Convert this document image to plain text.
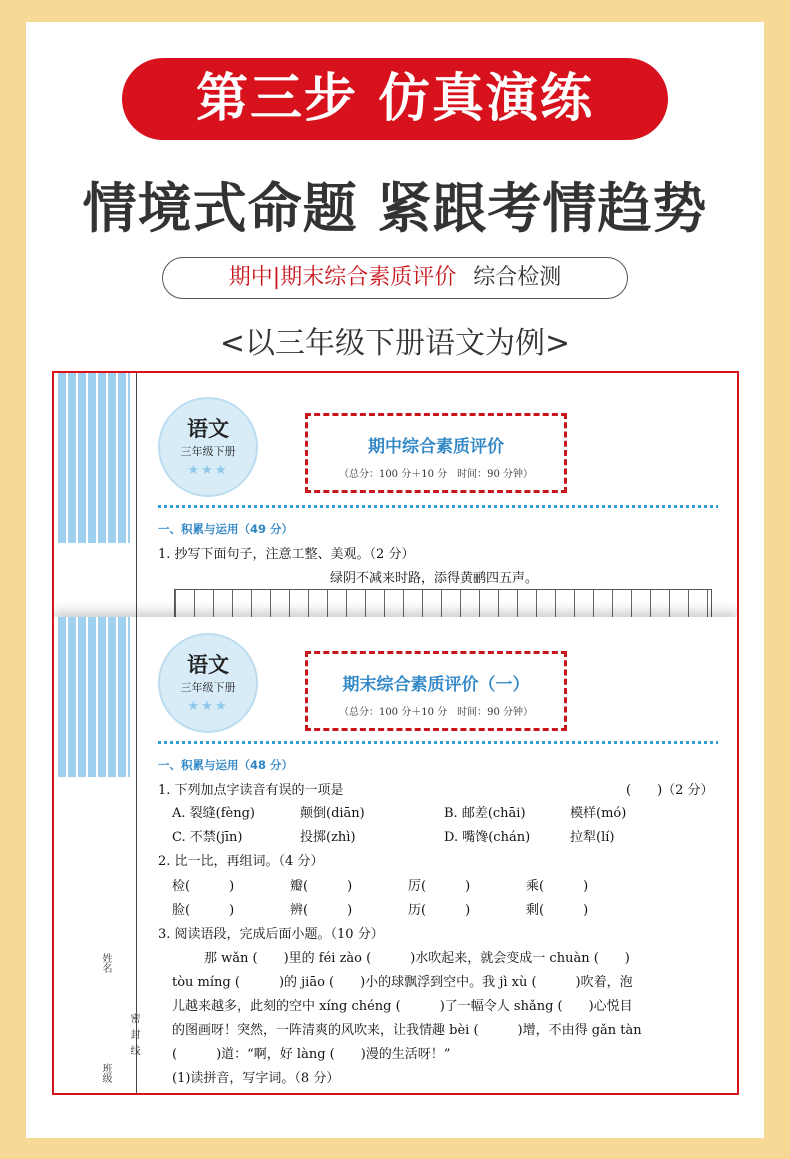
第三步 仿真演练
情境式命题 紧跟考情趋势
期中|期末综合素质评价 综合检测
<以三年级下册语文为例>
语文
三年级下册
★★★
期中综合素质评价
（总分：100 分＋10 分　时间：90 分钟）
一、积累与运用（49 分）
1. 抄写下面句子，注意工整、美观。（2 分）
绿阴不减来时路，添得黄鹂四五声。
姓名
密封线
班级
语文
三年级下册
★★★
期末综合素质评价（一）
（总分：100 分＋10 分　时间：90 分钟）
一、积累与运用（48 分）
1. 下列加点字读音有误的一项是	(　　)（2 分）
A. 裂缝(fèng)	颠倒(diān)	B. 邮差(chāi)	模样(mó)
C. 不禁(jīn)	投掷(zhì)	D. 嘴馋(chán)	拉犁(lí)
2. 比一比，再组词。（4 分）
检(　　　)	瓣(　　　)	厉(　　　)	乘(　　　)
脸(　　　)	辨(　　　)	历(　　　)	剩(　　　)
3. 阅读语段，完成后面小题。（10 分）
那 wǎn (　　)里的 féi zào (　　　)水吹起来，就会变成一 chuàn (　　)
tòu míng (　　　)的 jiāo (　　)小的球飘浮到空中。我 jì xù (　　　)吹着，泡
儿越来越多，此刻的空中 xíng chéng (　　　)了一幅令人 shǎng (　　)心悦目
的图画呀！突然，一阵清爽的风吹来，让我情趣 bèi (　　　)增，不由得 gǎn tàn
(　　　)道：“啊，好 làng (　　)漫的生活呀！”
(1)读拼音，写字词。（8 分）
